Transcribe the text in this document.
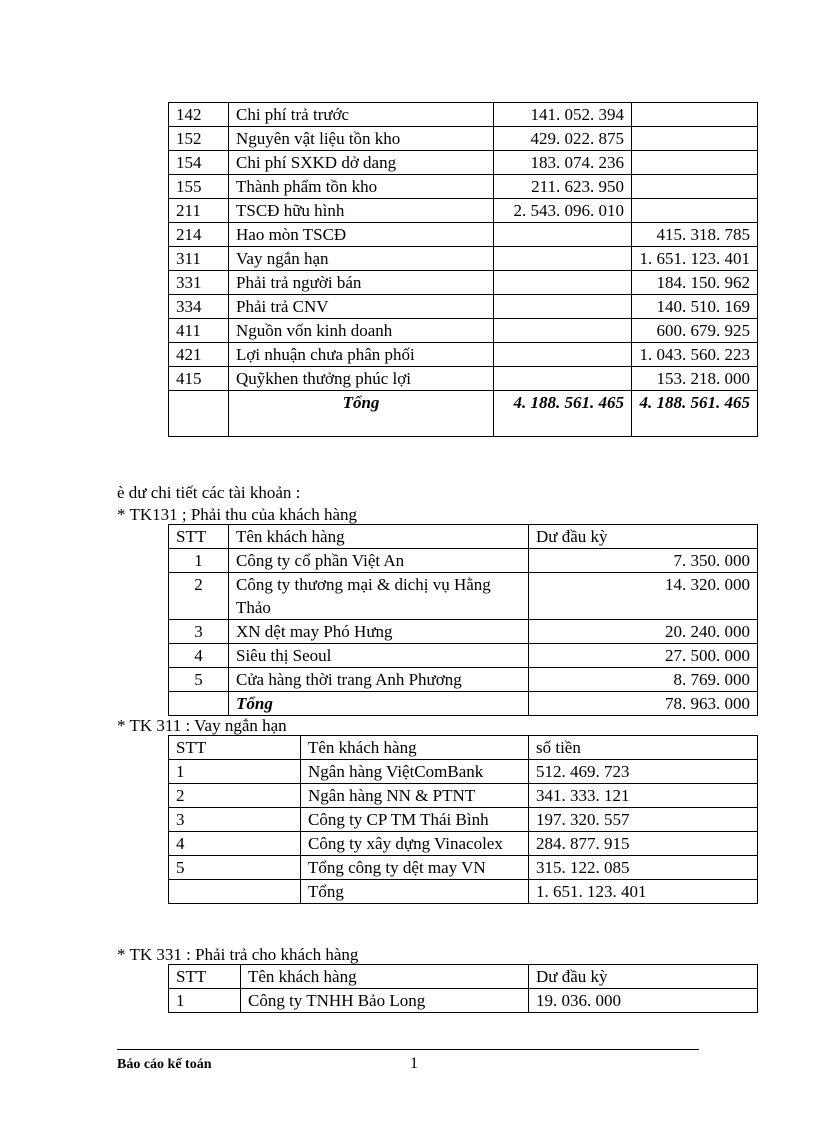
142	Chi phí trả trước	141. 052. 394	
152	Nguyên vật liệu tồn kho	429. 022. 875	
154	Chi phí SXKD dở dang	183. 074. 236	
155	Thành phẩm tồn kho	211. 623. 950	
211	TSCĐ hữu hình	2. 543. 096. 010	
214	Hao mòn TSCĐ		415. 318. 785
311	Vay ngắn hạn		1. 651. 123. 401
331	Phải trả người bán		184. 150. 962
334	Phải trả CNV		140. 510. 169
411	Nguồn vốn kinh doanh		600. 679. 925
421	Lợi nhuận chưa phân phối		1. 043. 560. 223
415	Quỹkhen thưởng phúc lợi		153. 218. 000
	Tổng	4. 188. 561. 465	4. 188. 561. 465
è dư chi tiết các tài khoản :
* TK131 ; Phải thu của khách hàng
STT	Tên khách hàng	Dư đầu kỳ
1	Công ty cổ phần Việt An	7. 350. 000
2	Công ty thương mại & dichị vụ Hằng Thảo	14. 320. 000
3	XN dệt may Phó Hưng	20. 240. 000
4	Siêu thị Seoul	27. 500. 000
5	Cửa hàng thời trang Anh Phương	8. 769. 000
	Tổng	78. 963. 000
* TK 311 : Vay ngắn hạn
STT	Tên khách hàng	số tiền
1	Ngân hàng ViệtComBank	512. 469. 723
2	Ngân hàng NN & PTNT	341. 333. 121
3	Công ty CP TM Thái Bình	197. 320. 557
4	Công ty xây dựng Vinacolex	284. 877. 915
5	Tổng công ty dệt may VN	315. 122. 085
	Tổng	1. 651. 123. 401
* TK 331 : Phải trả cho khách hàng
STT	Tên khách hàng	Dư đầu kỳ
1	Công ty TNHH Bảo Long	19. 036. 000
Báo cáo kế toán	1
